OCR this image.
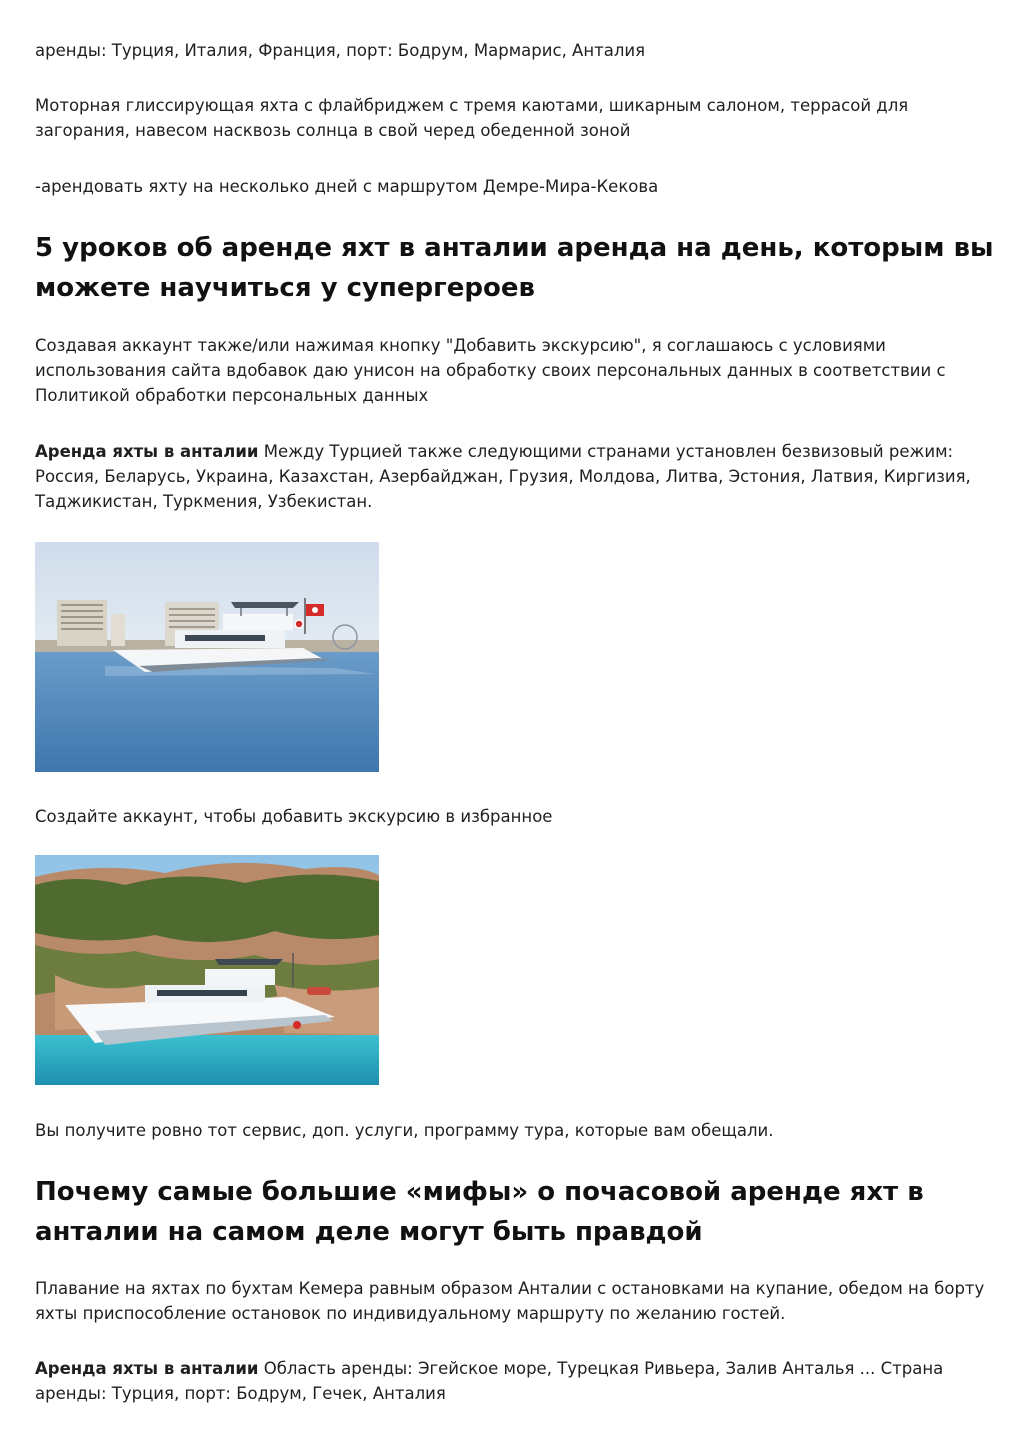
аренды: Турция, Италия, Франция, порт: Бодрум, Мармарис, Анталия

Моторная глиссирующая яхта с флайбриджем с тремя каютами, шикарным салоном, террасой для загорания, навесом насквозь солнца в свой черед обеденной зоной

-арендовать яхту на несколько дней с маршрутом Демре-Мира-Кекова

5 уроков об аренде яхт в анталии аренда на день, которым вы можете научиться у супергероев

Создавая аккаунт также/или нажимая кнопку "Добавить экскурсию", я соглашаюсь с условиями использования сайта вдобавок даю унисон на обработку своих персональных данных в соответствии с Политикой обработки персональных данных

Аренда яхты в анталии Между Турцией также следующими странами установлен безвизовый режим: Россия, Беларусь, Украина, Казахстан, Азербайджан, Грузия, Молдова, Литва, Эстония, Латвия, Киргизия, Таджикистан, Туркмения, Узбекистан.

Создайте аккаунт, чтобы добавить экскурсию в избранное

Вы получите ровно тот сервис, доп. услуги, программу тура, которые вам обещали.

Почему самые большие «мифы» о почасовой аренде яхт в анталии на самом деле могут быть правдой

Плавание на яхтах по бухтам Кемера равным образом Анталии с остановками на купание, обедом на борту яхты приспособление остановок по индивидуальному маршруту по желанию гостей.

Аренда яхты в анталии Область аренды: Эгейское море, Турецкая Ривьера, Залив Анталья ... Страна аренды: Турция, порт: Бодрум, Гечек, Анталия
